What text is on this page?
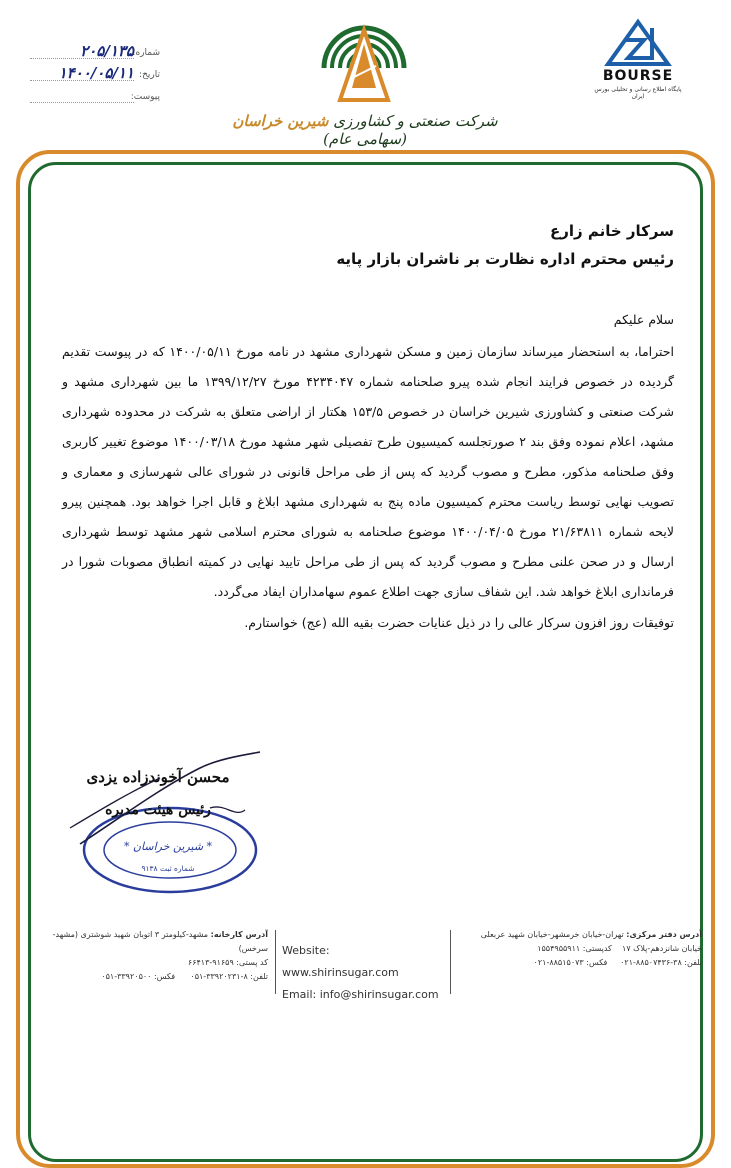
شماره:
۲۰۵/۱۳۵
تاریخ:
۱۴۰۰/۰۵/۱۱
پیوست:
شرکت صنعتی و کشاورزی شیرین خراسان (سهامی عام)
BOURSE
پایگاه اطلاع رسانی و تحلیلی بورس ایران

سرکار خانم زارع

رئیس محترم اداره نظارت بر ناشران بازار پایه

سلام علیکم
احتراما، به استحضار میرساند سازمان زمین و مسکن شهرداری مشهد در نامه مورخ ۱۴۰۰/۰۵/۱۱ که در پیوست تقدیم گردیده در خصوص فرایند انجام شده پیرو صلحنامه شماره ۴۲۳۴۰۴۷ مورخ ۱۳۹۹/۱۲/۲۷ ما بین شهرداری مشهد و شرکت صنعتی و کشاورزی شیرین خراسان در خصوص ۱۵۳/۵ هکتار از اراضی متعلق به شرکت در محدوده شهرداری مشهد، اعلام نموده وفق بند ۲ صورتجلسه کمیسیون طرح تفصیلی شهر مشهد مورخ ۱۴۰۰/۰۳/۱۸ موضوع تغییر کاربری وفق صلحنامه مذکور، مطرح و مصوب گردید که پس از طی مراحل قانونی در شورای عالی شهرسازی و معماری و تصویب نهایی توسط ریاست محترم کمیسیون ماده پنج به شهرداری مشهد ابلاغ و قابل اجرا خواهد بود. همچنین پیرو لایحه شماره ۲۱/۶۳۸۱۱ مورخ ۱۴۰۰/۰۴/۰۵ موضوع صلحنامه به شورای محترم اسلامی شهر مشهد توسط شهرداری ارسال و در صحن علنی مطرح و مصوب گردید که پس از طی مراحل تایید نهایی در کمیته انطباق مصوبات شورا در فرمانداری ابلاغ خواهد شد. این شفاف سازی جهت اطلاع عموم سهامداران ایفاد می‌گردد.
توفیقات روز افزون سرکار عالی را در ذیل عنایات حضرت بقیه الله (عج) خواستارم.
* شیرین خراسان *
شماره ثبت ۹۱۳۸
محسن آخوندزاده یزدی
رئیس هیئت مدیره
آدرس کارخانه: مشهد-کیلومتر ۳ اتوبان شهید شوشتری (مشهد-سرخس)
کد پستی: ۹۱۶۵۹-۶۶۴۱۳
تلفن: ۸-۳۳۹۲۰۲۳۱-۰۵۱      فکس: ۳۳۹۲۰۵۰۰-۰۵۱
Website: www.shirinsugar.com
Email: info@shirinsugar.com
آدرس دفتر مرکزی: تهران-خیابان خرمشهر-خیابان شهید عربعلی
خیابان شانزدهم-پلاک ۱۷    کدپستی: ۱۵۵۴۹۵۵۹۱۱
تلفن: ۳۸-۸۸۵۰۷۴۳۶-۰۲۱     فکس: ۸۸۵۱۵۰۷۳-۰۲۱
